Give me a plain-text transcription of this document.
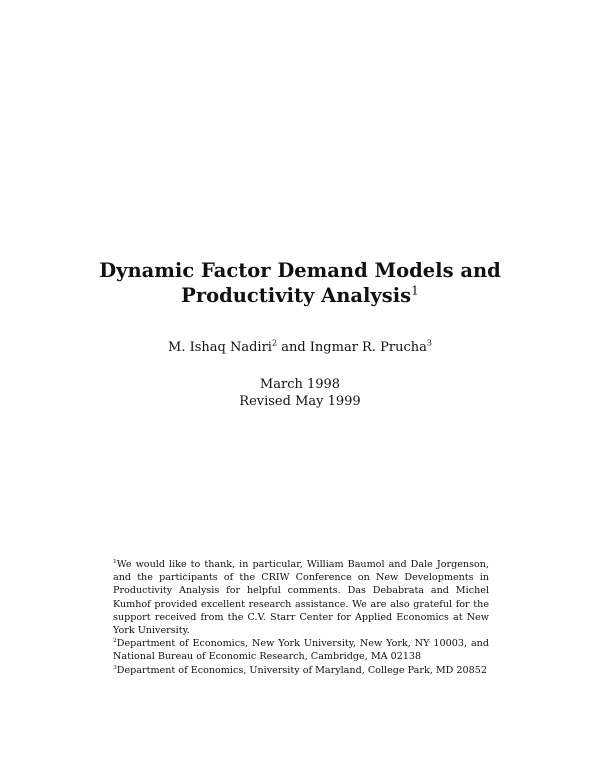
Dynamic Factor Demand Models and
Productivity Analysis$^1$
M. Ishaq Nadiri$^2$ and Ingmar R. Prucha$^3$
March 1998
Revised May 1999

$^1$We would like to thank, in particular, William Baumol and Dale Jorgenson, and the participants of the CRIW Conference on New Developments in Productivity Analysis for helpful comments. Das Debabrata and Michel Kumhof provided excellent research assistance. We are also grateful for the support received from the C.V. Starr Center for Applied Economics at New York University.

$^2$Department of Economics, New York University, New York, NY 10003, and National Bureau of Economic Research, Cambridge, MA 02138

$^3$Department of Economics, University of Maryland, College Park, MD 20852
